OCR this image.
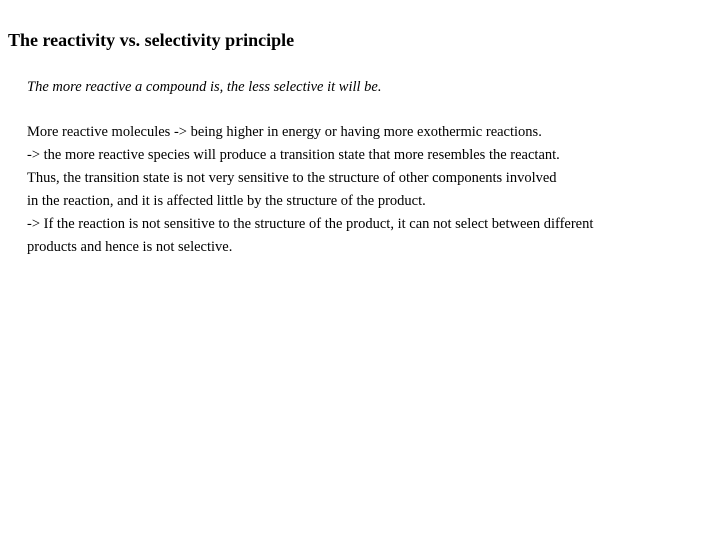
The reactivity vs. selectivity principle
The more reactive a compound is, the less selective it will be.
More reactive molecules -> being higher in energy or having more exothermic reactions.
-> the more reactive species will produce a transition state that more resembles the reactant.
Thus, the transition state is not very sensitive to the structure of other components involved
in the reaction, and it is affected little by the structure of the product.
-> If the reaction is not sensitive to the structure of the product, it can not select between different
products and hence is not selective.
